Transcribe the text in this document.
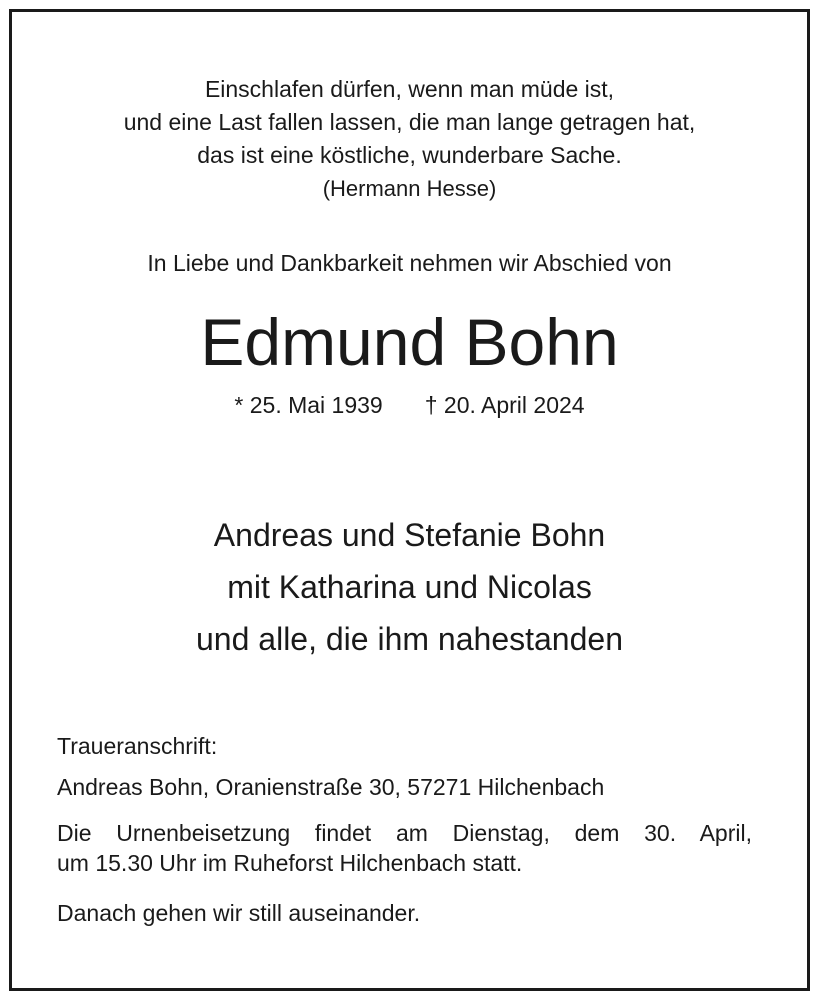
Einschlafen dürfen, wenn man müde ist,
und eine Last fallen lassen, die man lange getragen hat,
das ist eine köstliche, wunderbare Sache.
(Hermann Hesse)
In Liebe und Dankbarkeit nehmen wir Abschied von
Edmund Bohn
* 25. Mai 1939 † 20. April 2024
Andreas und Stefanie Bohn
mit Katharina und Nicolas
und alle, die ihm nahestanden
Traueranschrift:
Andreas Bohn, Oranienstraße 30, 57271 Hilchenbach
Die Urnenbeisetzung findet am Dienstag, dem 30. April,
um 15.30 Uhr im Ruheforst Hilchenbach statt.
Danach gehen wir still auseinander.
